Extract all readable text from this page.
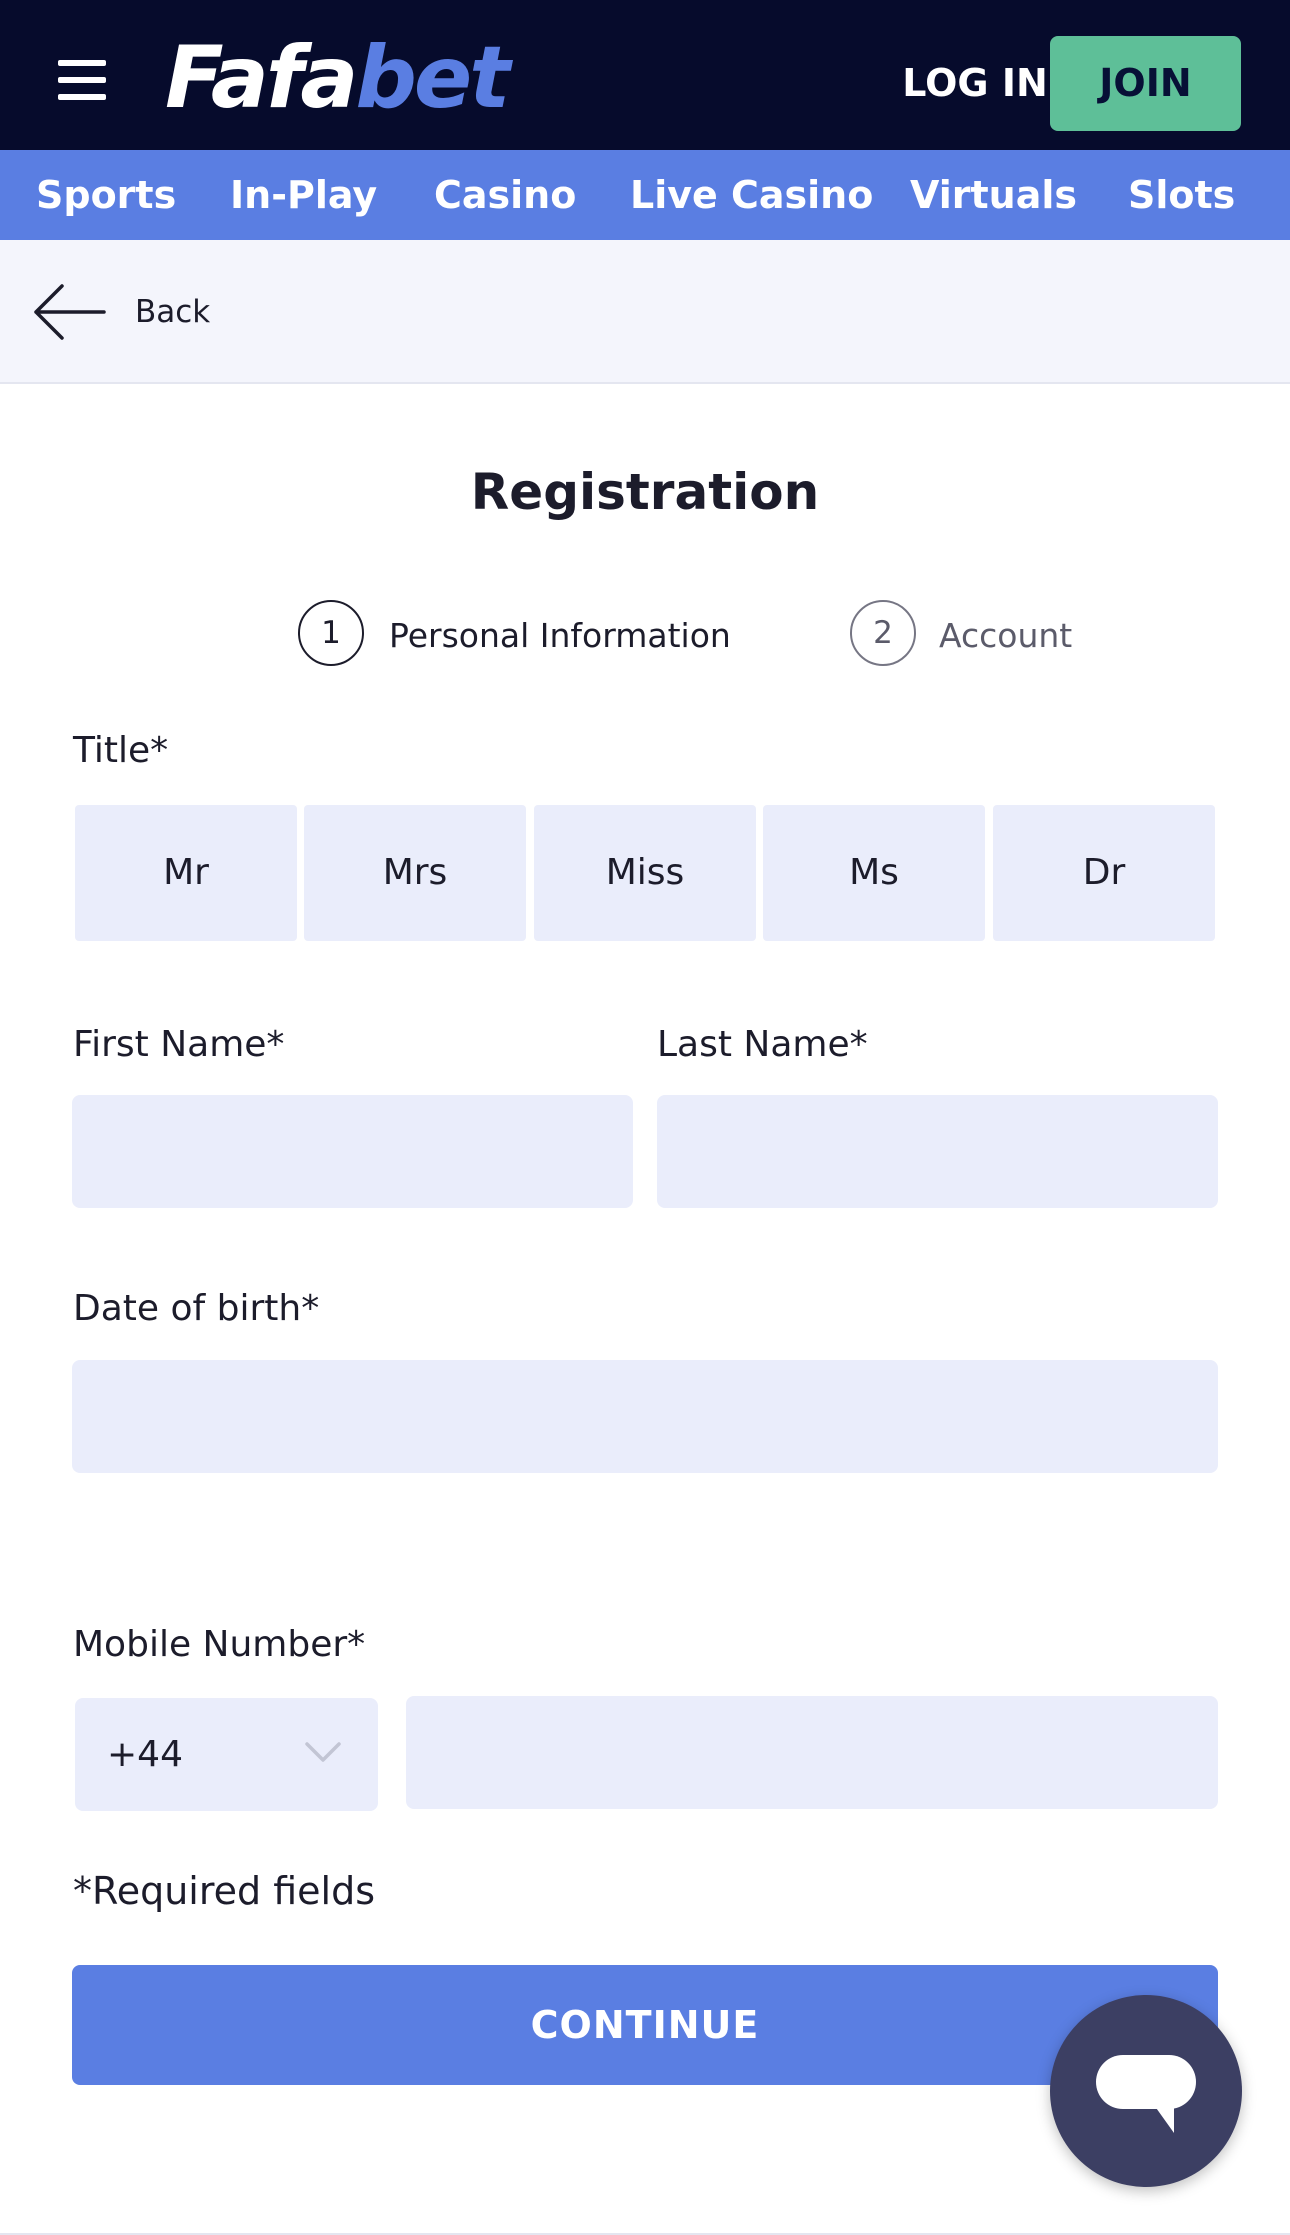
Fafabet	LOG IN	JOIN
Sports In-Play Casino Live Casino Virtuals Slots
Back
Registration
1	Personal Information	2	Account
Title*
Mr	Mrs	Miss	Ms	Dr
First Name*	Last Name*
Date of birth*
Mobile Number*
+44
*Required fields
CONTINUE
